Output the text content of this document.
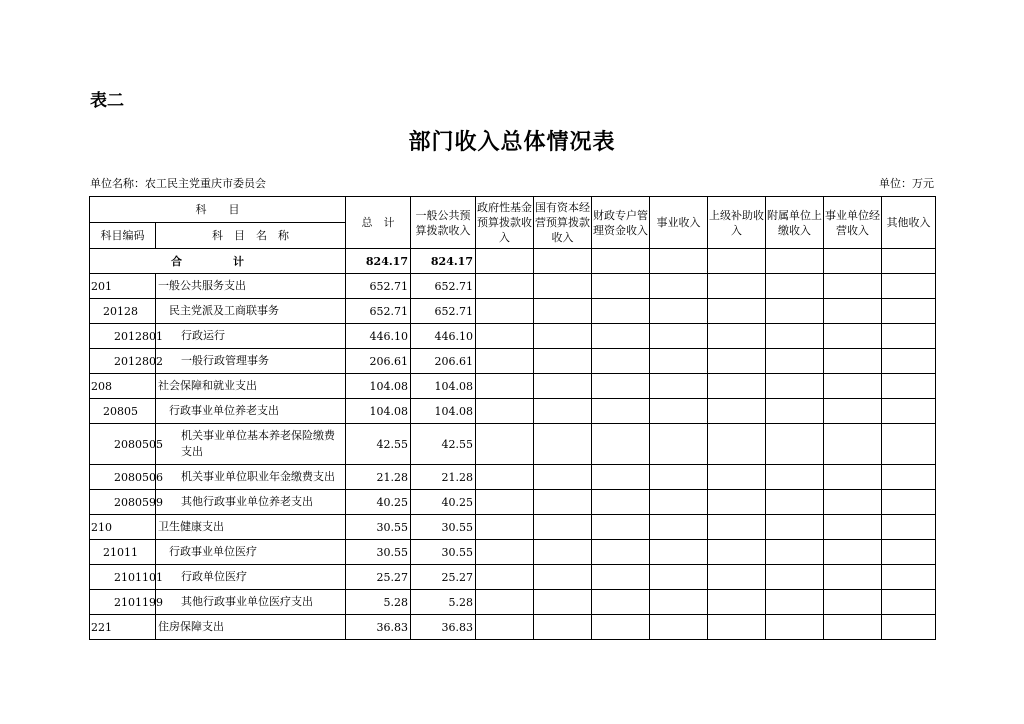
表二
部门收入总体情况表
单位名称：农工民主党重庆市委员会	单位：万元
科　　目		总　计	一般公共预算拨款收入	政府性基金预算拨款收入	国有资本经营预算拨款收入	财政专户管理资金收入	事业收入	上级补助收入	附属单位上缴收入	事业单位经营收入	其他收入
科目编码	科　目　名　称										
合　计		824.17	824.17								
201	一般公共服务支出	652.71	652.71								
20128	民主党派及工商联事务	652.71	652.71								
2012801	行政运行	446.10	446.10								
2012802	一般行政管理事务	206.61	206.61								
208	社会保障和就业支出	104.08	104.08								
20805	行政事业单位养老支出	104.08	104.08								
2080505	机关事业单位基本养老保险缴费支出	42.55	42.55								
2080506	机关事业单位职业年金缴费支出	21.28	21.28								
2080599	其他行政事业单位养老支出	40.25	40.25								
210	卫生健康支出	30.55	30.55								
21011	行政事业单位医疗	30.55	30.55								
2101101	行政单位医疗	25.27	25.27								
2101199	其他行政事业单位医疗支出	5.28	5.28								
221	住房保障支出	36.83	36.83								
